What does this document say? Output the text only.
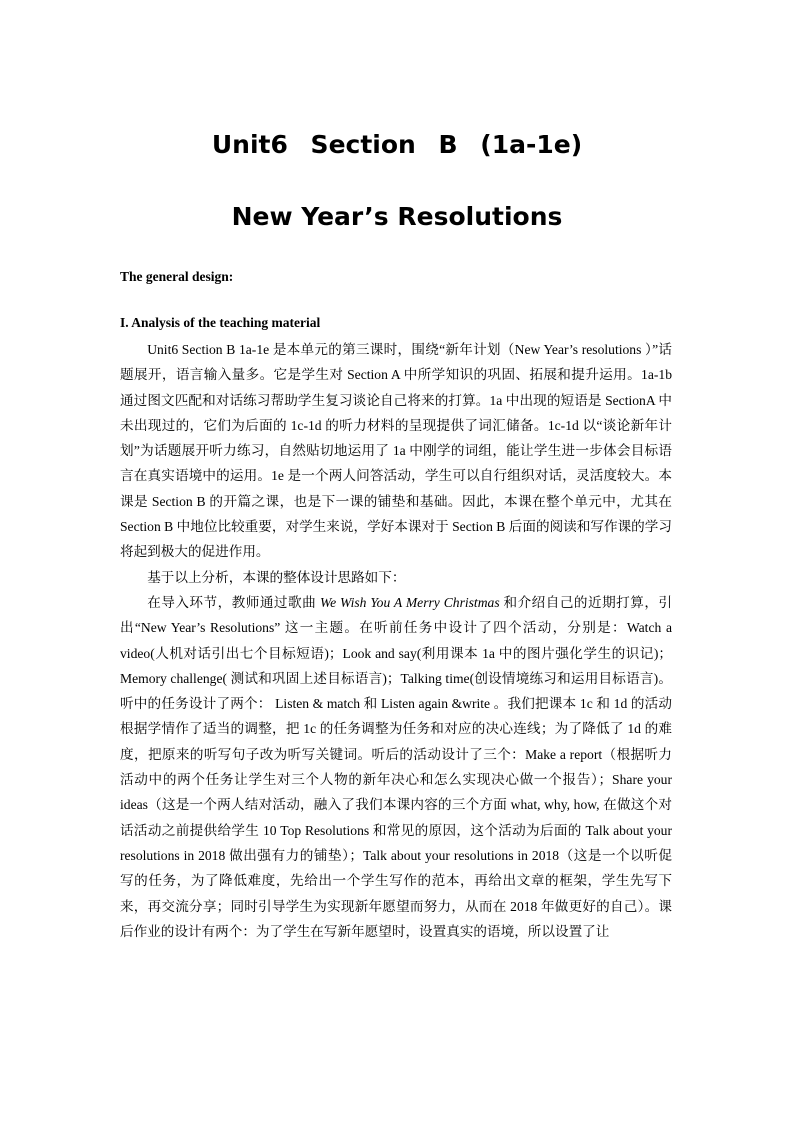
Unit6 Section B (1a-1e)
New Year’s Resolutions
The general design:
I. Analysis of the teaching material

Unit6 Section B 1a-1e 是本单元的第三课时，围绕“新年计划（New Year’s resolutions ）”话题展开，语言输入量多。它是学生对 Section A 中所学知识的巩固、拓展和提升运用。1a-1b 通过图文匹配和对话练习帮助学生复习谈论自己将来的打算。1a 中出现的短语是 SectionA 中未出现过的，它们为后面的 1c-1d 的听力材料的呈现提供了词汇储备。1c-1d 以“谈论新年计划”为话题展开听力练习，自然贴切地运用了 1a 中刚学的词组，能让学生进一步体会目标语言在真实语境中的运用。1e 是一个两人问答活动，学生可以自行组织对话，灵活度较大。本课是 Section B 的开篇之课，也是下一课的铺垫和基础。因此，本课在整个单元中，尤其在 Section B 中地位比较重要，对学生来说，学好本课对于 Section B 后面的阅读和写作课的学习将起到极大的促进作用。

基于以上分析，本课的整体设计思路如下：

在导入环节，教师通过歌曲 We Wish You A Merry Christmas 和介绍自己的近期打算，引出“New Year’s Resolutions” 这一主题。在听前任务中设计了四个活动，分别是：Watch a video(人机对话引出七个目标短语)；Look and say(利用课本 1a 中的图片强化学生的识记)；Memory challenge( 测试和巩固上述目标语言)；Talking time(创设情境练习和运用目标语言)。听中的任务设计了两个： Listen & match 和 Listen again &write 。我们把课本 1c 和 1d 的活动根据学情作了适当的调整，把 1c 的任务调整为任务和对应的决心连线；为了降低了 1d 的难度，把原来的听写句子改为听写关键词。听后的活动设计了三个：Make a report（根据听力活动中的两个任务让学生对三个人物的新年决心和怎么实现决心做一个报告）；Share your ideas（这是一个两人结对活动，融入了我们本课内容的三个方面 what, why, how, 在做这个对话活动之前提供给学生 10 Top Resolutions 和常见的原因，这个活动为后面的 Talk about your resolutions in 2018 做出强有力的铺垫）；Talk about your resolutions in 2018（这是一个以听促写的任务，为了降低难度，先给出一个学生写作的范本，再给出文章的框架，学生先写下来，再交流分享；同时引导学生为实现新年愿望而努力，从而在 2018 年做更好的自己）。课后作业的设计有两个：为了学生在写新年愿望时，设置真实的语境，所以设置了让
